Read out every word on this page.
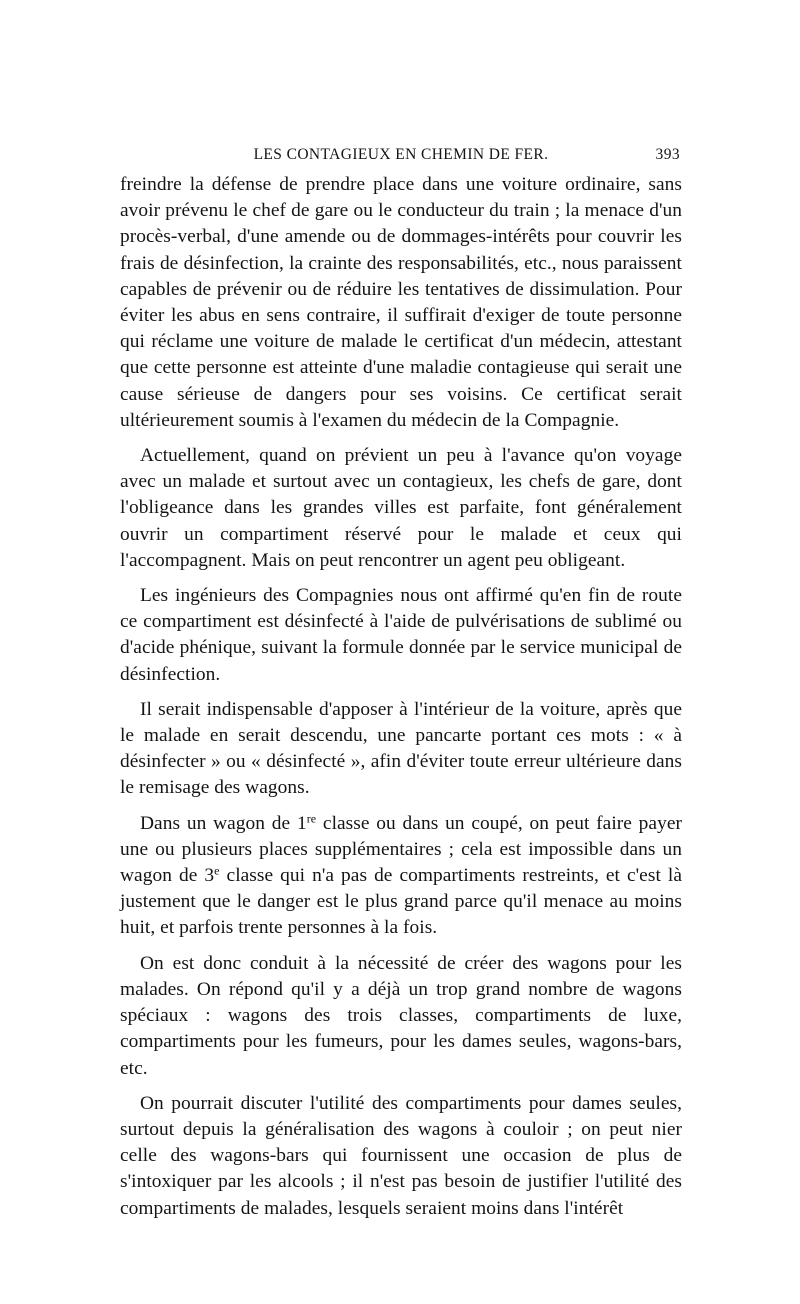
LES CONTAGIEUX EN CHEMIN DE FER.	393

freindre la défense de prendre place dans une voiture ordinaire, sans avoir prévenu le chef de gare ou le conducteur du train ; la menace d'un procès-verbal, d'une amende ou de dommages-intérêts pour couvrir les frais de désinfection, la crainte des responsabilités, etc., nous paraissent capables de prévenir ou de réduire les tentatives de dissimulation. Pour éviter les abus en sens contraire, il suffirait d'exiger de toute personne qui réclame une voiture de malade le certificat d'un médecin, attestant que cette personne est atteinte d'une maladie contagieuse qui serait une cause sérieuse de dangers pour ses voisins. Ce certificat serait ultérieurement soumis à l'examen du médecin de la Compagnie.

Actuellement, quand on prévient un peu à l'avance qu'on voyage avec un malade et surtout avec un contagieux, les chefs de gare, dont l'obligeance dans les grandes villes est parfaite, font généralement ouvrir un compartiment réservé pour le malade et ceux qui l'accompagnent. Mais on peut rencontrer un agent peu obligeant.

Les ingénieurs des Compagnies nous ont affirmé qu'en fin de route ce compartiment est désinfecté à l'aide de pulvérisations de sublimé ou d'acide phénique, suivant la formule donnée par le service municipal de désinfection.

Il serait indispensable d'apposer à l'intérieur de la voiture, après que le malade en serait descendu, une pancarte portant ces mots : « à désinfecter » ou « désinfecté », afin d'éviter toute erreur ultérieure dans le remisage des wagons.

Dans un wagon de 1re classe ou dans un coupé, on peut faire payer une ou plusieurs places supplémentaires ; cela est impossible dans un wagon de 3e classe qui n'a pas de compartiments restreints, et c'est là justement que le danger est le plus grand parce qu'il menace au moins huit, et parfois trente personnes à la fois.

On est donc conduit à la nécessité de créer des wagons pour les malades. On répond qu'il y a déjà un trop grand nombre de wagons spéciaux : wagons des trois classes, compartiments de luxe, compartiments pour les fumeurs, pour les dames seules, wagons-bars, etc.

On pourrait discuter l'utilité des compartiments pour dames seules, surtout depuis la généralisation des wagons à couloir ; on peut nier celle des wagons-bars qui fournissent une occasion de plus de s'intoxiquer par les alcools ; il n'est pas besoin de justifier l'utilité des compartiments de malades, lesquels seraient moins dans l'intérêt
